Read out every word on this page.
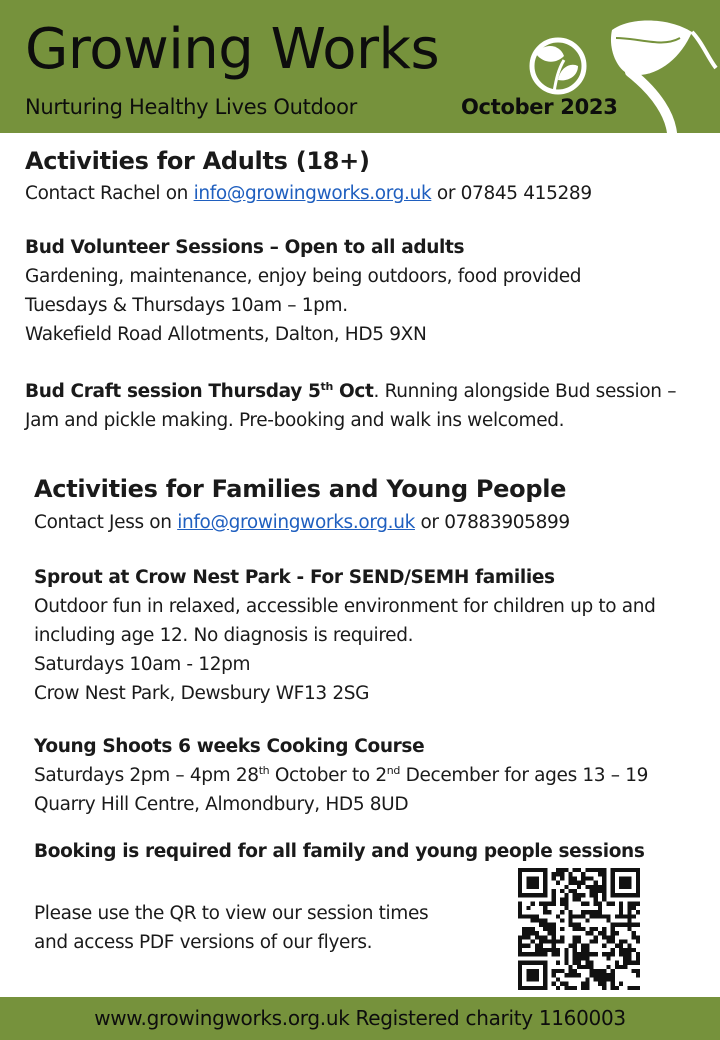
Growing Works
Nurturing Healthy Lives Outdoor	October 2023
Activities for Adults (18+)
Contact Rachel on info@growingworks.org.uk or 07845 415289
Bud Volunteer Sessions – Open to all adults
Gardening, maintenance, enjoy being outdoors, food provided
Tuesdays & Thursdays 10am – 1pm.
Wakefield Road Allotments, Dalton, HD5 9XN
Bud Craft session Thursday 5th Oct. Running alongside Bud session –
Jam and pickle making. Pre-booking and walk ins welcomed.
Activities for Families and Young People
Contact Jess on info@growingworks.org.uk or 07883905899
Sprout at Crow Nest Park - For SEND/SEMH families
Outdoor fun in relaxed, accessible environment for children up to and
including age 12. No diagnosis is required.
Saturdays 10am - 12pm
Crow Nest Park, Dewsbury WF13 2SG
Young Shoots 6 weeks Cooking Course
Saturdays 2pm – 4pm 28th October to 2nd December for ages 13 – 19
Quarry Hill Centre, Almondbury, HD5 8UD
Booking is required for all family and young people sessions
Please use the QR to view our session times
and access PDF versions of our flyers.
www.growingworks.org.uk Registered charity 1160003
